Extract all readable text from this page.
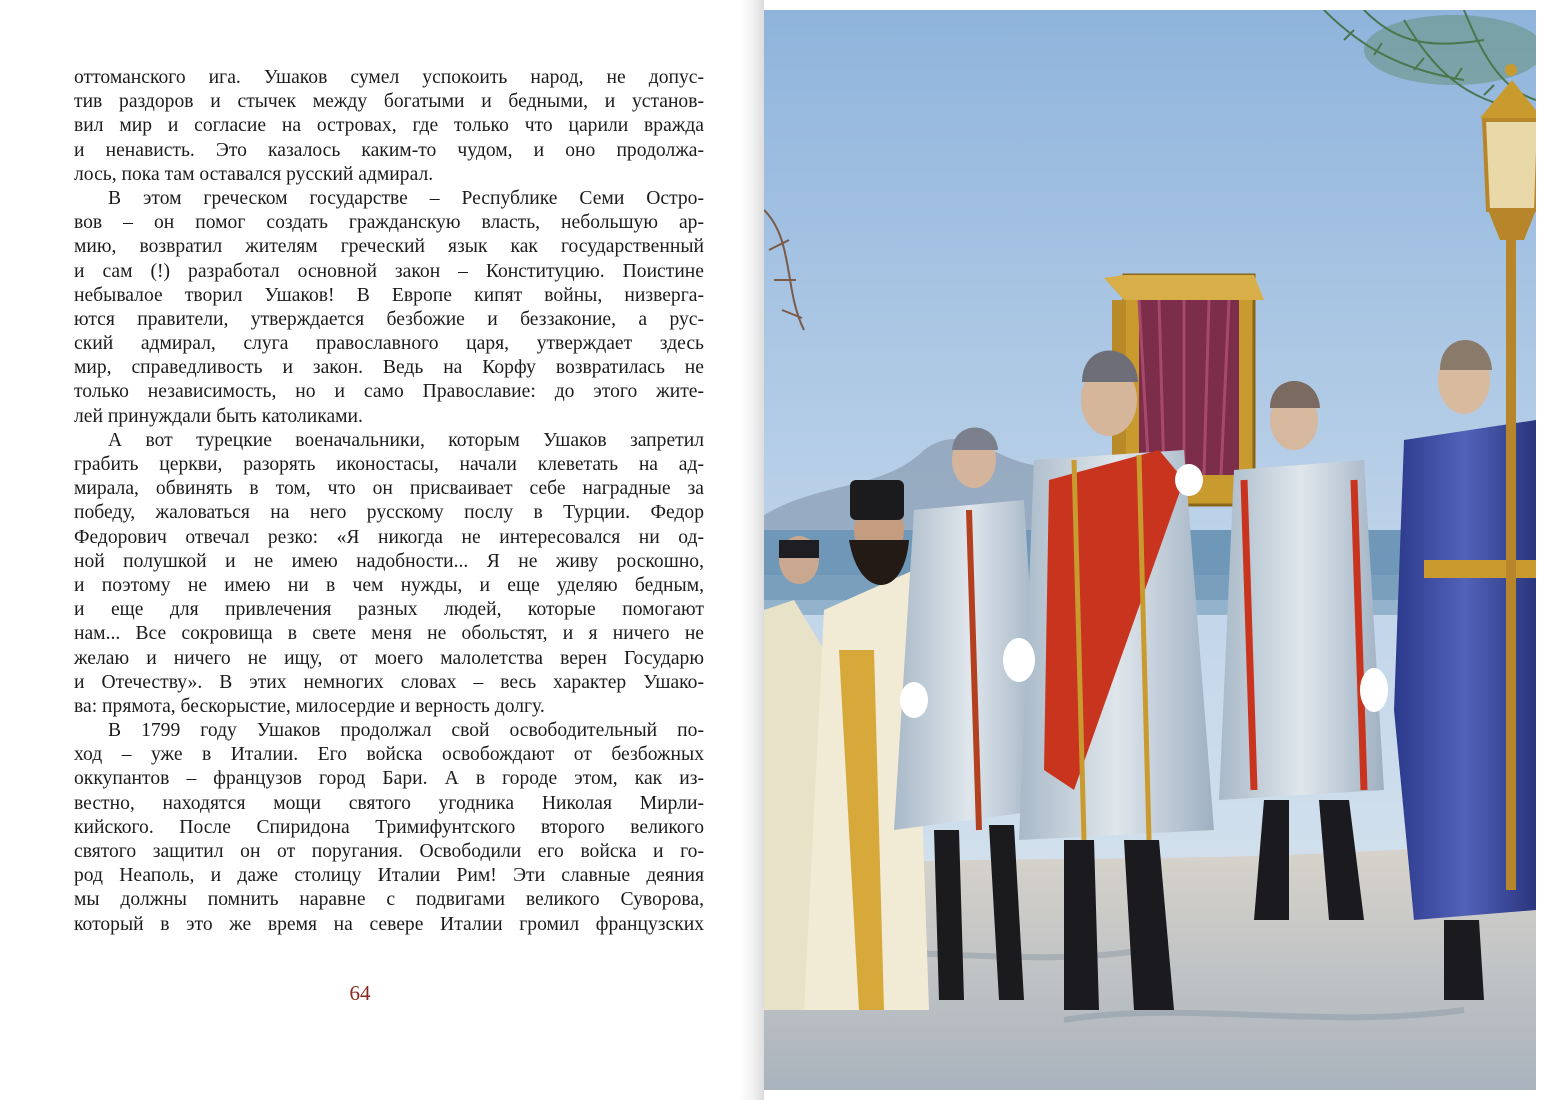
оттоманского ига. Ушаков сумел успокоить народ, не допус-
тив раздоров и стычек между богатыми и бедными, и установ-
вил мир и согласие на островах, где только что царили вражда
и ненависть. Это казалось каким-то чудом, и оно продолжа-
лось, пока там оставался русский адмирал.
В этом греческом государстве – Республике Семи Остро-
вов – он помог создать гражданскую власть, небольшую ар-
мию, возвратил жителям греческий язык как государственный
и сам (!) разработал основной закон – Конституцию. Поистине
небывалое творил Ушаков! В Европе кипят войны, низверга-
ются правители, утверждается безбожие и беззаконие, а рус-
ский адмирал, слуга православного царя, утверждает здесь
мир, справедливость и закон. Ведь на Корфу возвратилась не
только независимость, но и само Православие: до этого жите-
лей принуждали быть католиками.
А вот турецкие военачальники, которым Ушаков запретил
грабить церкви, разорять иконостасы, начали клеветать на ад-
мирала, обвинять в том, что он присваивает себе наградные за
победу, жаловаться на него русскому послу в Турции. Федор
Федорович отвечал резко: «Я никогда не интересовался ни од-
ной полушкой и не имею надобности... Я не живу роскошно,
и поэтому не имею ни в чем нужды, и еще уделяю бедным,
и еще для привлечения разных людей, которые помогают
нам... Все сокровища в свете меня не обольстят, и я ничего не
желаю и ничего не ищу, от моего малолетства верен Государю
и Отечеству». В этих немногих словах – весь характер Ушако-
ва: прямота, бескорыстие, милосердие и верность долгу.
В 1799 году Ушаков продолжал свой освободительный по-
ход – уже в Италии. Его войска освобождают от безбожных
оккупантов – французов город Бари. А в городе этом, как из-
вестно, находятся мощи святого угодника Николая Мирли-
кийского. После Спиридона Тримифунтского второго великого
святого защитил он от поругания. Освободили его войска и го-
род Неаполь, и даже столицу Италии Рим! Эти славные деяния
мы должны помнить наравне с подвигами великого Суворова,
который в это же время на севере Италии громил французских
64
